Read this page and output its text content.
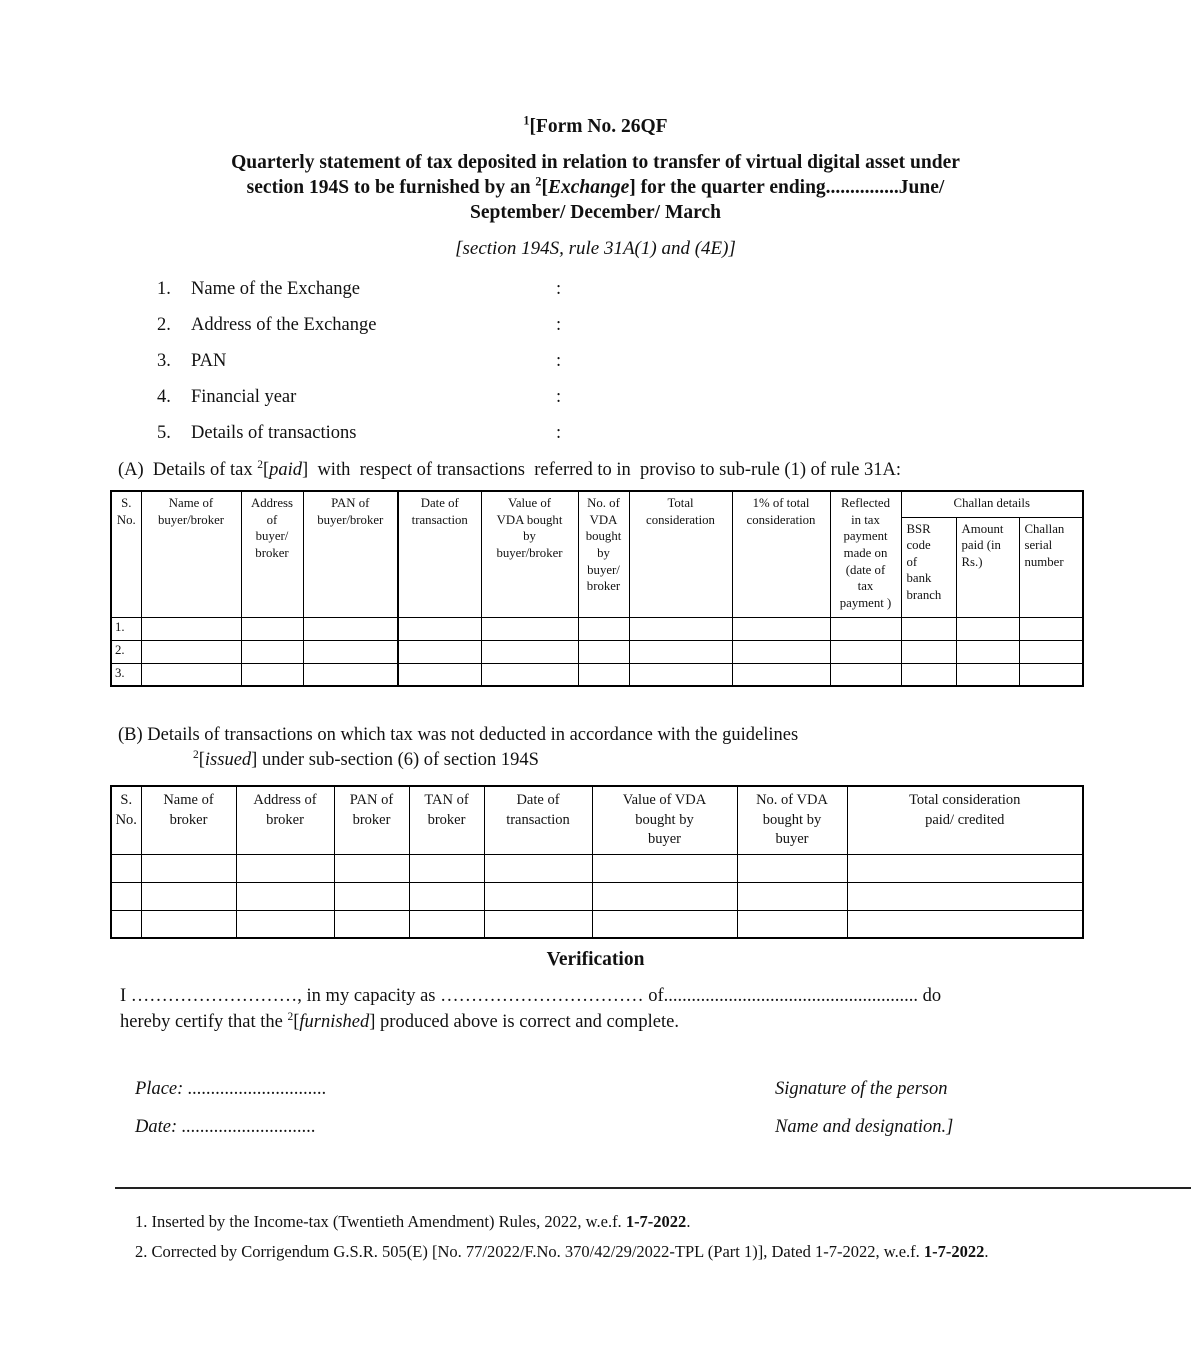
$^1$[Form No. 26QF
Quarterly statement of tax deposited in relation to transfer of virtual digital asset under
section 194S to be furnished by an $^2$[Exchange] for the quarter ending...............June/
September/ December/ March
[section 194S, rule 31A(1) and (4E)]
1.	Name of the Exchange	:
2.	Address of the Exchange	:
3.	PAN	:
4.	Financial year	:
5.	Details of transactions	:

(A)  Details of tax $^2$[paid]  with  respect of transactions  referred to in  proviso to sub-rule (1) of rule 31A:

S.
No.	Name of
buyer/broker	Address
of
buyer/
broker	PAN of
buyer/broker	Date of
transaction	Value of
VDA bought
by
buyer/broker	No. of
VDA
bought
by
buyer/
broker	Total
consideration	1% of total
consideration	Reflected
in tax
payment
made on
(date of
tax
payment )	Challan details
										BSR
code
of
bank
branch	Amount
paid (in
Rs.)	Challan
serial
number
1.												
2.												
3.												
(B) Details of transactions on which tax was not deducted in accordance with the guidelines
$^2$[issued] under sub-section (6) of section 194S
S.
No.	Name of
broker	Address of
broker	PAN of
broker	TAN of
broker	Date of
transaction	Value of VDA
bought by
buyer	No. of VDA
bought by
buyer	Total consideration
paid/ credited

Verification

I ………………………, in my capacity as …………………………… of....................................................... do
hereby certify that the $^2$[furnished] produced above is correct and complete.

Place: ..............................
Date: .............................
Signature of the person
Name and designation.]
1. Inserted by the Income-tax (Twentieth Amendment) Rules, 2022, w.e.f. 1-7-2022.
2. Corrected by Corrigendum G.S.R. 505(E) [No. 77/2022/F.No. 370/42/29/2022-TPL (Part 1)], Dated 1-7-2022, w.e.f. 1-7-2022.
